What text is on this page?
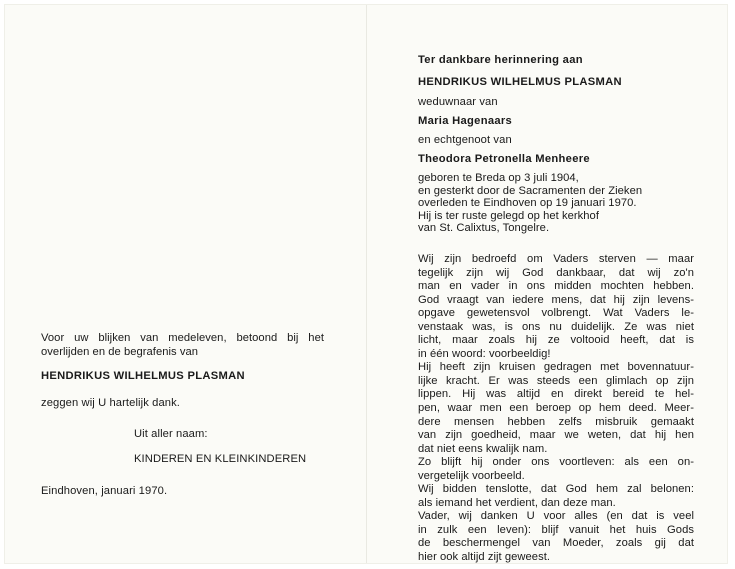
Voor uw blijken van medeleven, betoond bij het
overlijden en de begrafenis van
HENDRIKUS WILHELMUS PLASMAN
zeggen wij U hartelijk dank.
Uit aller naam:
KINDEREN EN KLEINKINDEREN
Eindhoven, januari 1970.
Ter dankbare herinnering aan
HENDRIKUS WILHELMUS PLASMAN
weduwnaar van
Maria Hagenaars
en echtgenoot van
Theodora Petronella Menheere
geboren te Breda op 3 juli 1904,
en gesterkt door de Sacramenten der Zieken
overleden te Eindhoven op 19 januari 1970.
Hij is ter ruste gelegd op het kerkhof
van St. Calixtus, Tongelre.
Wij zijn bedroefd om Vaders sterven — maar
tegelijk zijn wij God dankbaar, dat wij zo'n
man en vader in ons midden mochten hebben.
God vraagt van iedere mens, dat hij zijn levens-
opgave gewetensvol volbrengt. Wat Vaders le-
venstaak was, is ons nu duidelijk. Ze was niet
licht, maar zoals hij ze voltooid heeft, dat is
in één woord: voorbeeldig!
Hij heeft zijn kruisen gedragen met bovennatuur-
lijke kracht. Er was steeds een glimlach op zijn
lippen. Hij was altijd en direkt bereid te hel-
pen, waar men een beroep op hem deed. Meer-
dere mensen hebben zelfs misbruik gemaakt
van zijn goedheid, maar we weten, dat hij hen
dat niet eens kwalijk nam.
Zo blijft hij onder ons voortleven: als een on-
vergetelijk voorbeeld.
Wij bidden tenslotte, dat God hem zal belonen:
als iemand het verdient, dan deze man.
Vader, wij danken U voor alles (en dat is veel
in zulk een leven): blijf vanuit het huis Gods
de beschermengel van Moeder, zoals gij dat
hier ook altijd zijt geweest.
